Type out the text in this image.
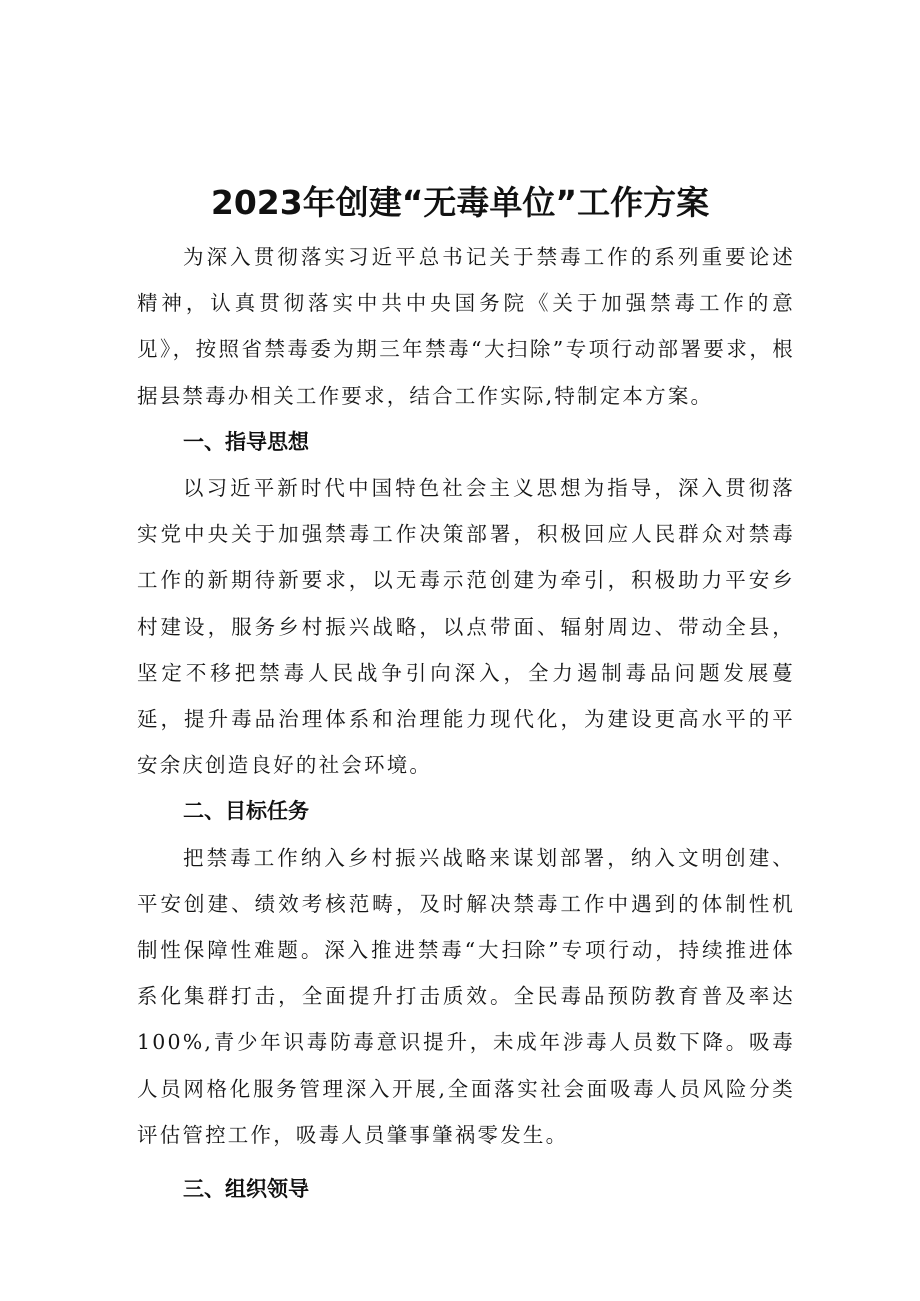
2023年创建“无毒单位”工作方案

为深入贯彻落实习近平总书记关于禁毒工作的系列重要论述精神，认真贯彻落实中共中央国务院《关于加强禁毒工作的意见》，按照省禁毒委为期三年禁毒“大扫除”专项行动部署要求，根据县禁毒办相关工作要求，结合工作实际,特制定本方案。

一、指导思想

以习近平新时代中国特色社会主义思想为指导，深入贯彻落实党中央关于加强禁毒工作决策部署，积极回应人民群众对禁毒工作的新期待新要求，以无毒示范创建为牵引，积极助力平安乡村建设，服务乡村振兴战略，以点带面、辐射周边、带动全县，坚定不移把禁毒人民战争引向深入，全力遏制毒品问题发展蔓延，提升毒品治理体系和治理能力现代化，为建设更高水平的平安余庆创造良好的社会环境。

二、目标任务

把禁毒工作纳入乡村振兴战略来谋划部署，纳入文明创建、平安创建、绩效考核范畴，及时解决禁毒工作中遇到的体制性机制性保障性难题。深入推进禁毒“大扫除”专项行动，持续推进体系化集群打击，全面提升打击质效。全民毒品预防教育普及率达100%,青少年识毒防毒意识提升，未成年涉毒人员数下降。吸毒人员网格化服务管理深入开展,全面落实社会面吸毒人员风险分类评估管控工作，吸毒人员肇事肇祸零发生。

三、组织领导
